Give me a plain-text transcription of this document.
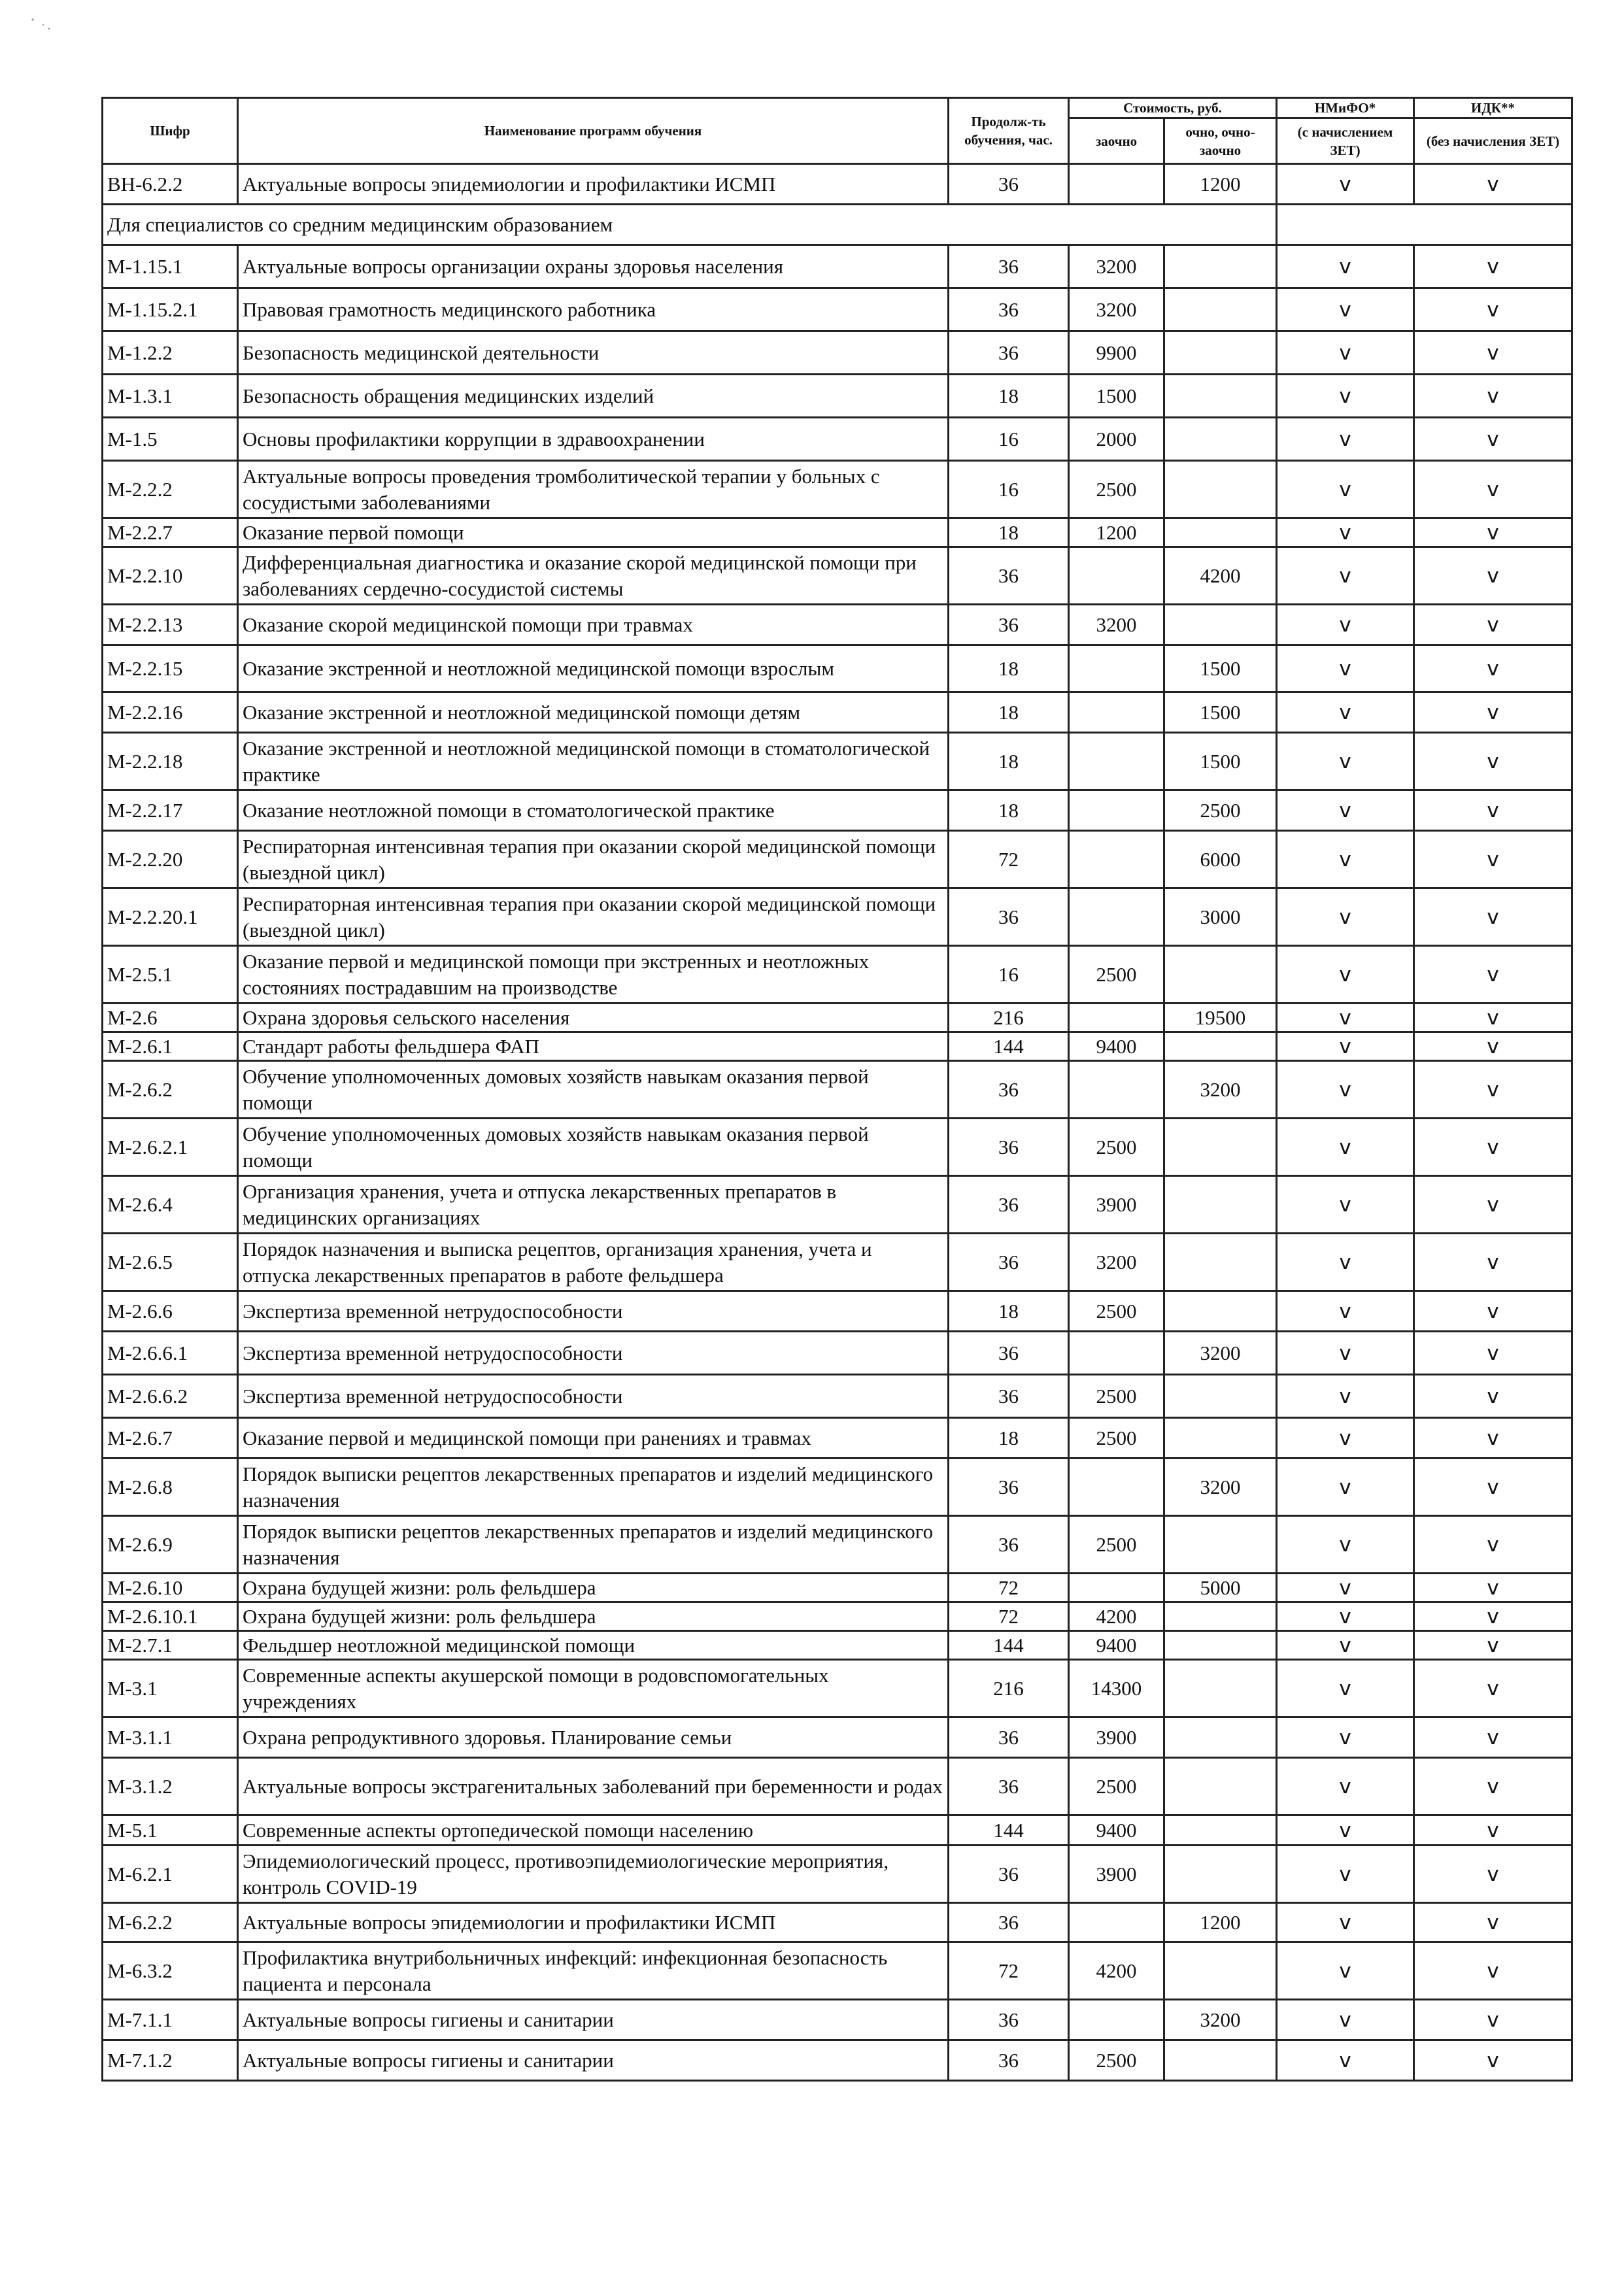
Шифр	Наименование программ обучения	Продолж-ть обучения, час.	Стоимость, руб.		НМиФО*	ИДК**
			заочно	очно, очно-заочно	(с начислением ЗЕТ)	(без начисления ЗЕТ)
ВН-6.2.2	Актуальные вопросы эпидемиологии и профилактики ИСМП	36		1200	v	v
Для специалистов со средним медицинским образованием						
М-1.15.1	Актуальные вопросы организации охраны здоровья населения	36	3200		v	v
М-1.15.2.1	Правовая грамотность медицинского работника	36	3200		v	v
М-1.2.2	Безопасность медицинской деятельности	36	9900		v	v
М-1.3.1	Безопасность обращения медицинских изделий	18	1500		v	v
М-1.5	Основы профилактики коррупции в здравоохранении	16	2000		v	v
М-2.2.2	Актуальные вопросы проведения тромболитической терапии у больных с сосудистыми заболеваниями	16	2500		v	v
М-2.2.7	Оказание первой помощи	18	1200		v	v
М-2.2.10	Дифференциальная диагностика и оказание скорой медицинской помощи при заболеваниях сердечно-сосудистой системы	36		4200	v	v
М-2.2.13	Оказание скорой медицинской помощи при травмах	36	3200		v	v
М-2.2.15	Оказание экстренной и неотложной медицинской помощи взрослым	18		1500	v	v
М-2.2.16	Оказание экстренной и неотложной медицинской помощи детям	18		1500	v	v
М-2.2.18	Оказание экстренной и неотложной медицинской помощи в стоматологической практике	18		1500	v	v
М-2.2.17	Оказание неотложной помощи в стоматологической практике	18		2500	v	v
М-2.2.20	Респираторная интенсивная терапия при оказании скорой медицинской помощи (выездной цикл)	72		6000	v	v
М-2.2.20.1	Респираторная интенсивная терапия при оказании скорой медицинской помощи (выездной цикл)	36		3000	v	v
М-2.5.1	Оказание первой и медицинской помощи при экстренных и неотложных состояниях пострадавшим на производстве	16	2500		v	v
М-2.6	Охрана здоровья сельского населения	216		19500	v	v
М-2.6.1	Стандарт работы фельдшера ФАП	144	9400		v	v
М-2.6.2	Обучение уполномоченных домовых хозяйств навыкам оказания первой помощи	36		3200	v	v
М-2.6.2.1	Обучение уполномоченных домовых хозяйств навыкам оказания первой помощи	36	2500		v	v
М-2.6.4	Организация хранения, учета и отпуска лекарственных препаратов в медицинских организациях	36	3900		v	v
М-2.6.5	Порядок назначения и выписка рецептов, организация хранения, учета и отпуска лекарственных препаратов в работе фельдшера	36	3200		v	v
М-2.6.6	Экспертиза временной нетрудоспособности	18	2500		v	v
М-2.6.6.1	Экспертиза временной нетрудоспособности	36		3200	v	v
М-2.6.6.2	Экспертиза временной нетрудоспособности	36	2500		v	v
М-2.6.7	Оказание первой и медицинской помощи при ранениях и травмах	18	2500		v	v
М-2.6.8	Порядок выписки рецептов лекарственных препаратов и изделий медицинского назначения	36		3200	v	v
М-2.6.9	Порядок выписки рецептов лекарственных препаратов и изделий медицинского назначения	36	2500		v	v
М-2.6.10	Охрана будущей жизни: роль фельдшера	72		5000	v	v
М-2.6.10.1	Охрана будущей жизни: роль фельдшера	72	4200		v	v
М-2.7.1	Фельдшер неотложной медицинской помощи	144	9400		v	v
М-3.1	Современные аспекты акушерской помощи в родовспомогательных учреждениях	216	14300		v	v
М-3.1.1	Охрана репродуктивного здоровья. Планирование семьи	36	3900		v	v
М-3.1.2	Актуальные вопросы экстрагенитальных заболеваний при беременности и родах	36	2500		v	v
М-5.1	Современные аспекты ортопедической помощи населению	144	9400		v	v
М-6.2.1	Эпидемиологический процесс, противоэпидемиологические мероприятия, контроль COVID-19	36	3900		v	v
М-6.2.2	Актуальные вопросы эпидемиологии и профилактики ИСМП	36		1200	v	v
М-6.3.2	Профилактика внутрибольничных инфекций: инфекционная безопасность пациента и персонала	72	4200		v	v
М-7.1.1	Актуальные вопросы гигиены и санитарии	36		3200	v	v
М-7.1.2	Актуальные вопросы гигиены и санитарии	36	2500		v	v
